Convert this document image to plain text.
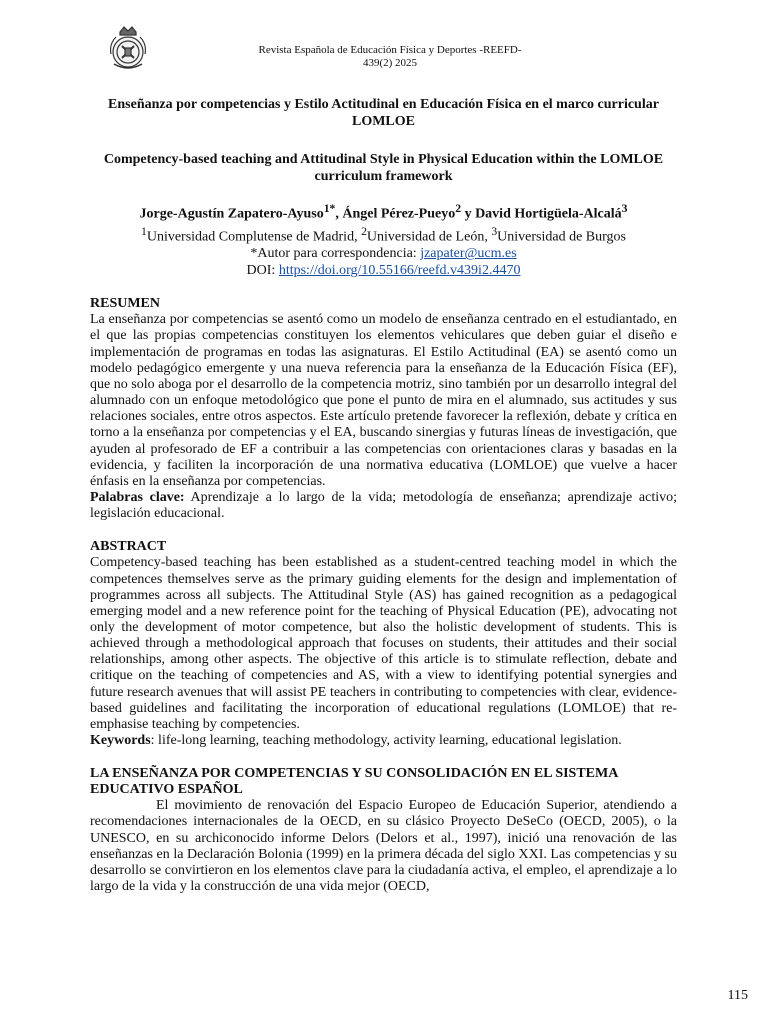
Revista Española de Educación Física y Deportes -REEFD-
439(2) 2025
Enseñanza por competencias y Estilo Actitudinal en Educación Física en el marco curricular LOMLOE
Competency-based teaching and Attitudinal Style in Physical Education within the LOMLOE curriculum framework
Jorge-Agustín Zapatero-Ayuso$^{1*}$, Ángel Pérez-Pueyo$^2$ y David Hortigüela-Alcalá$^3$
$^1$Universidad Complutense de Madrid, $^2$Universidad de León, $^3$Universidad de Burgos
*Autor para correspondencia: jzapater@ucm.es
DOI: https://doi.org/10.55166/reefd.v439i2.4470
RESUMEN
La enseñanza por competencias se asentó como un modelo de enseñanza centrado en el estudiantado, en el que las propias competencias constituyen los elementos vehiculares que deben guiar el diseño e implementación de programas en todas las asignaturas. El Estilo Actitudinal (EA) se asentó como un modelo pedagógico emergente y una nueva referencia para la enseñanza de la Educación Física (EF), que no solo aboga por el desarrollo de la competencia motriz, sino también por un desarrollo integral del alumnado con un enfoque metodológico que pone el punto de mira en el alumnado, sus actitudes y sus relaciones sociales, entre otros aspectos. Este artículo pretende favorecer la reflexión, debate y crítica en torno a la enseñanza por competencias y el EA, buscando sinergias y futuras líneas de investigación, que ayuden al profesorado de EF a contribuir a las competencias con orientaciones claras y basadas en la evidencia, y faciliten la incorporación de una normativa educativa (LOMLOE) que vuelve a hacer énfasis en la enseñanza por competencias.
Palabras clave: Aprendizaje a lo largo de la vida; metodología de enseñanza; aprendizaje activo; legislación educacional.
ABSTRACT
Competency-based teaching has been established as a student-centred teaching model in which the competences themselves serve as the primary guiding elements for the design and implementation of programmes across all subjects. The Attitudinal Style (AS) has gained recognition as a pedagogical emerging model and a new reference point for the teaching of Physical Education (PE), advocating not only the development of motor competence, but also the holistic development of students. This is achieved through a methodological approach that focuses on students, their attitudes and their social relationships, among other aspects. The objective of this article is to stimulate reflection, debate and critique on the teaching of competencies and AS, with a view to identifying potential synergies and future research avenues that will assist PE teachers in contributing to competencies with clear, evidence-based guidelines and facilitating the incorporation of educational regulations (LOMLOE) that re-emphasise teaching by competencies.
Keywords: life-long learning, teaching methodology, activity learning, educational legislation.
LA ENSEÑANZA POR COMPETENCIAS Y SU CONSOLIDACIÓN EN EL SISTEMA EDUCATIVO ESPAÑOL
El movimiento de renovación del Espacio Europeo de Educación Superior, atendiendo a recomendaciones internacionales de la OECD, en su clásico Proyecto DeSeCo (OECD, 2005), o la UNESCO, en su archiconocido informe Delors (Delors et al., 1997), inició una renovación de las enseñanzas en la Declaración Bolonia (1999) en la primera década del siglo XXI. Las competencias y su desarrollo se convirtieron en los elementos clave para la ciudadanía activa, el empleo, el aprendizaje a lo largo de la vida y la construcción de una vida mejor (OECD,
115
